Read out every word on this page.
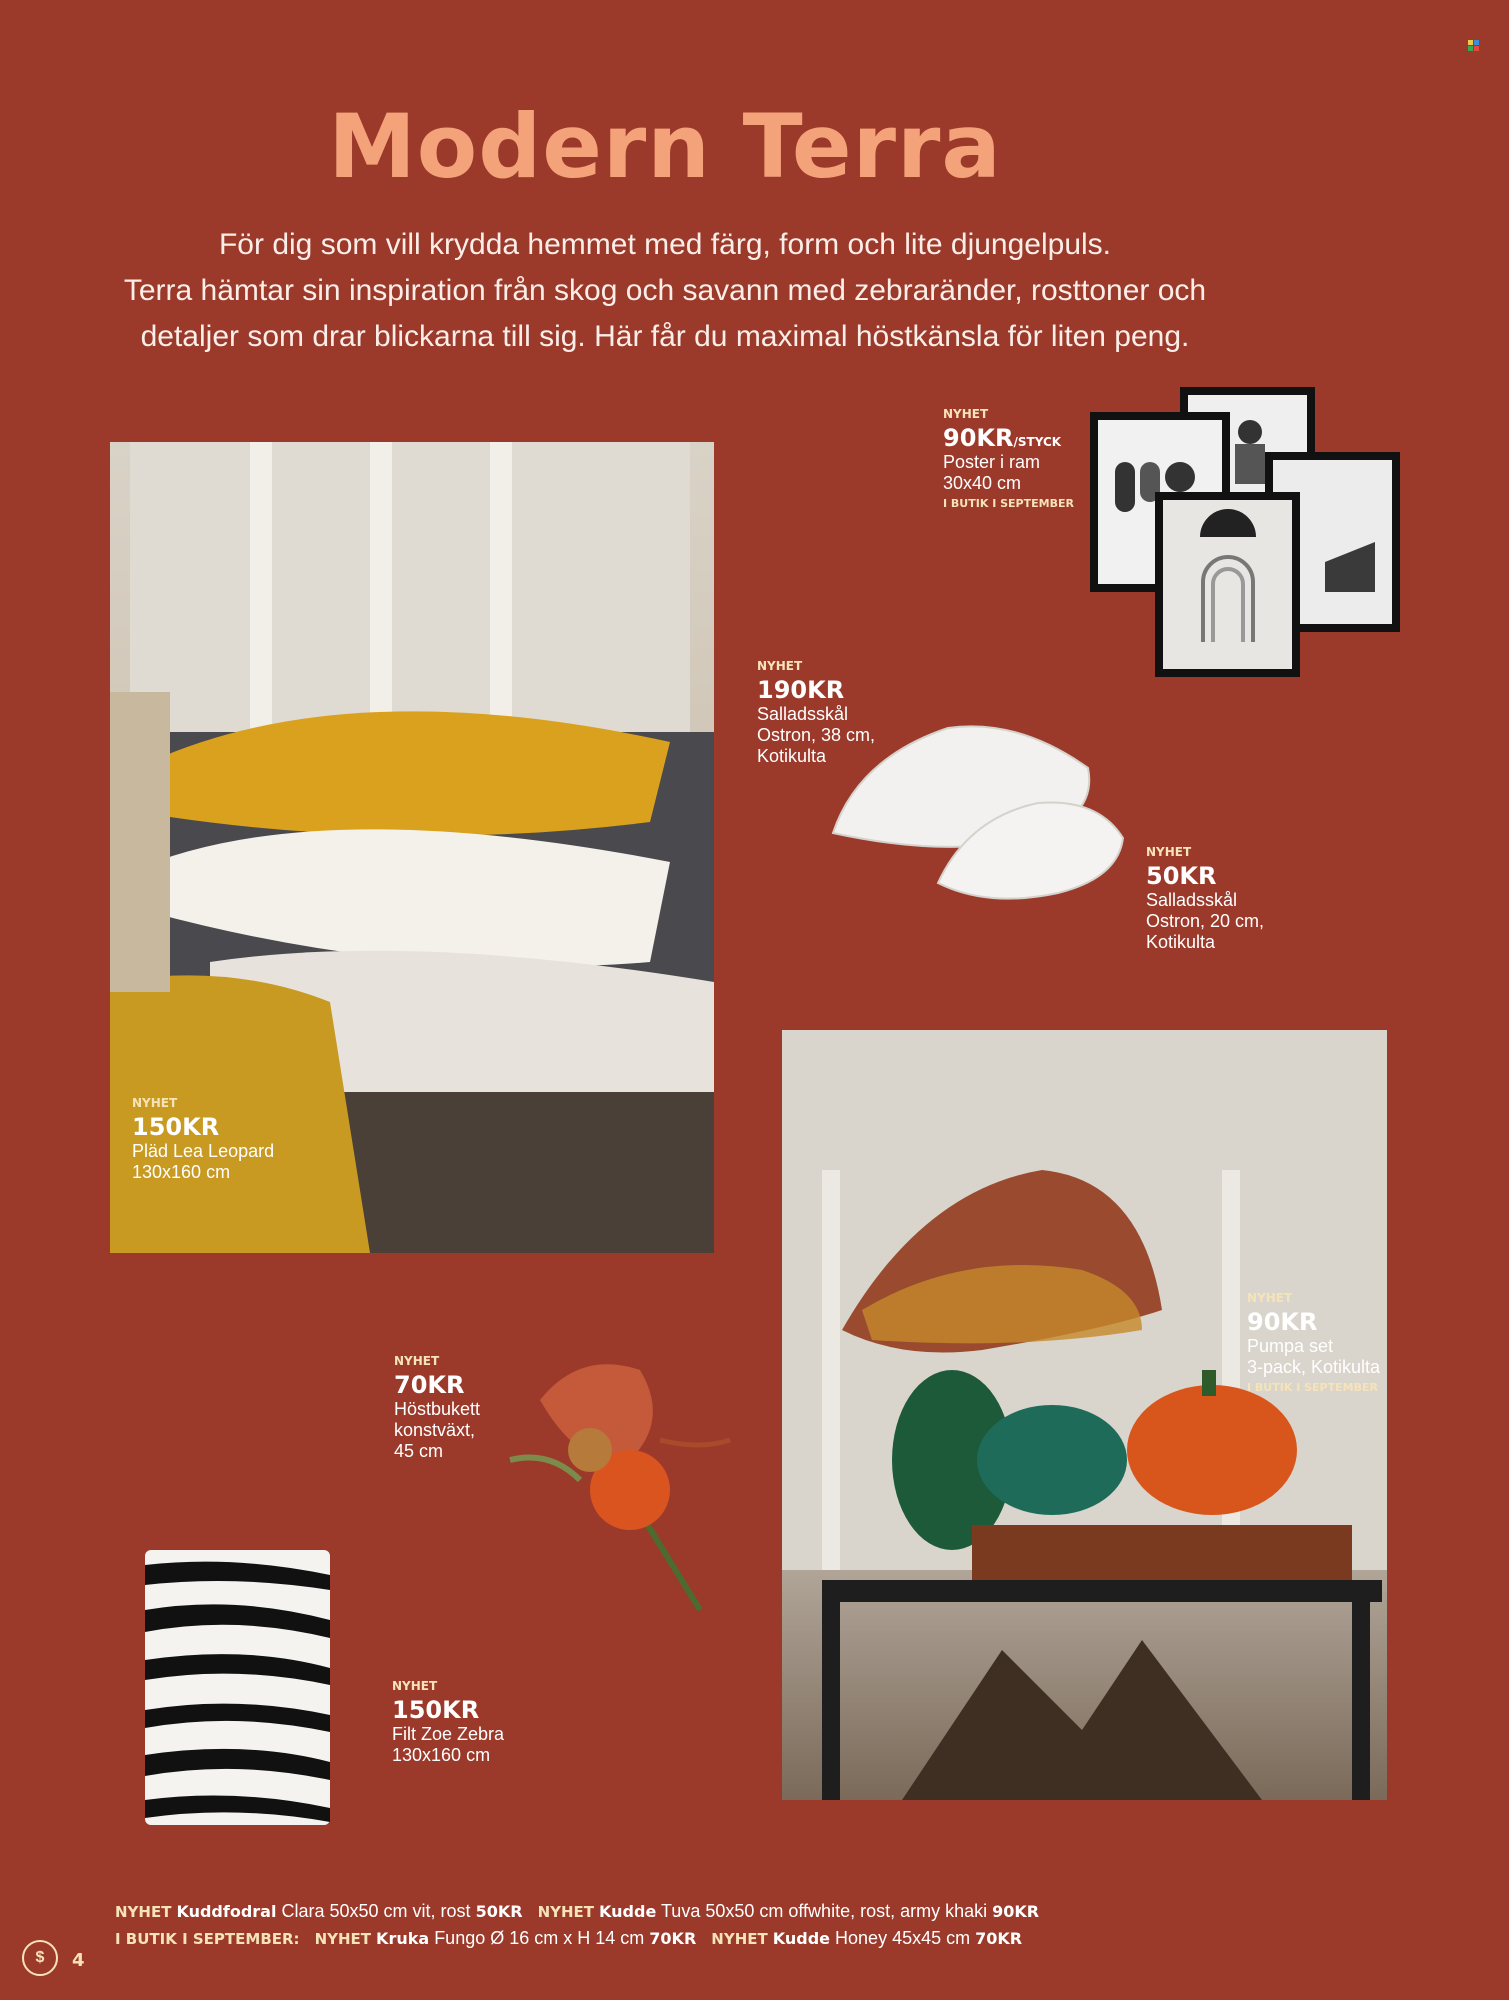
Modern Terra
För dig som vill krydda hemmet med färg, form och lite djungelpuls.
Terra hämtar sin inspiration från skog och savann med zebraränder, rosttoner och
detaljer som drar blickarna till sig. Här får du maximal höstkänsla för liten peng.
NYHET
150KR
Pläd Lea Leopard
130x160 cm
NYHET
90KR
Pumpa set
3-pack, Kotikulta
I BUTIK I SEPTEMBER
NYHET
90KR/STYCK
Poster i ram
30x40 cm
I BUTIK I SEPTEMBER
NYHET
190KR
Salladsskål
Ostron, 38 cm,
Kotikulta
NYHET
50KR
Salladsskål
Ostron, 20 cm,
Kotikulta
NYHET
70KR
Höstbukett
konstväxt,
45 cm
NYHET
150KR
Filt Zoe Zebra
130x160 cm
NYHET Kuddfodral Clara 50x50 cm vit, rost 50KR NYHET Kudde Tuva 50x50 cm offwhite, rost, army khaki 90KR
I BUTIK I SEPTEMBER: NYHET Kruka Fungo Ø 16 cm x H 14 cm 70KR NYHET Kudde Honey 45x45 cm 70KR
$	4
